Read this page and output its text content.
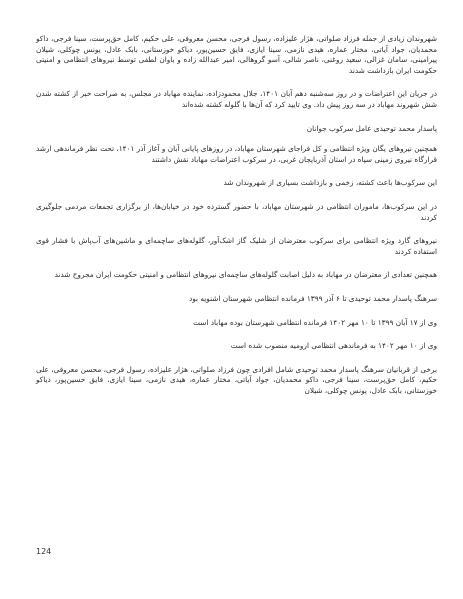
شهروندان زیادی از جمله فرزاد صلواتی، هژار علیزاده، رسول فرجی، محسن معروفی، علی حکیم، کامل حق‌پرست، سینا فرجی، داکو محمدیان، جواد آیاتی، مختار عماره، هیدی نازمی، سینا ایازی، فایق حسین‌پور، دیاکو خوزستانی، بابک عادل، یونس چوکلی، شیلان پیرامینی، سامان غزالی، سعید روغنی، ناصر شالی، آسو گروهالی، امیر عبدالله زاده و باوان لطفی توسط نیروهای انتظامی و امنیتی حکومت ایران بازداشت شدند

در جریان این اعتراضات و در روز سه‌شنبه دهم آبان ۱۴۰۱، جلال محمودزاده، نماینده مهاباد در مجلس، به صراحت خبر از کشته شدن شش شهروند مهاباد در سه روز پیش داد. وی تایید کرد که آن‌ها با گلوله کشته شده‌اند

پاسدار محمد توحیدی عامل سرکوب جوانان

همچنین نیروهای یگان ویژه انتظامی و کل فراجای شهرستان مهاباد، در روزهای پایانی آبان و آغاز آذر ۱۴۰۱، تحت نظر فرماندهی ارشد قرارگاه نیروی زمینی سپاه در استان آذربایجان غربی، در سرکوب اعتراضات مهاباد نقش داشتند

این سرکوب‌ها باعث کشته، زخمی و بازداشت بسیاری از شهروندان شد

در این سرکوب‌ها، ماموران انتظامی در شهرستان مهاباد، با حضور گسترده خود در خیابان‌ها، از برگزاری تجمعات مردمی جلوگیری کردند

نیروهای گارد ویژه انتظامی برای سرکوب معترضان از شلیک گاز اشک‌آور، گلوله‌های ساچمه‌ای و ماشین‌های آب‌پاش با فشار قوی استفاده کردند

همچنین تعدادی از معترضان در مهاباد به دلیل اصابت گلوله‌های ساچمه‌ای نیروهای انتظامی و امنیتی حکومت ایران مجروح شدند

سرهنگ پاسدار محمد توحیدی تا ۶ آذر ۱۳۹۹ فرمانده انتظامی شهرستان اشنویه بود

وی از ۱۷ آبان ۱۳۹۹ تا ۱۰ مهر ۱۴۰۲ فرمانده انتظامی شهرستان بوده مهاباد است

وی از ۱۰ مهر ۱۴۰۲ به فرماندهی انتظامی ارومیه منصوب شده است

برخی از قربانیان سرهنگ پاسدار محمد توحیدی شامل افرادی چون فرزاد صلواتی، هژار علیزاده، رسول فرجی، محسن معروفی، علی حکیم، کامل حق‌پرست، سینا فرجی، داکو محمدیان، جواد آیاتی، مختار عماره، هیدی نازمی، سینا ایازی، فایق حسین‌پور، دیاکو خوزستانی، بابک عادل، یونس چوکلی، شیلان

124
